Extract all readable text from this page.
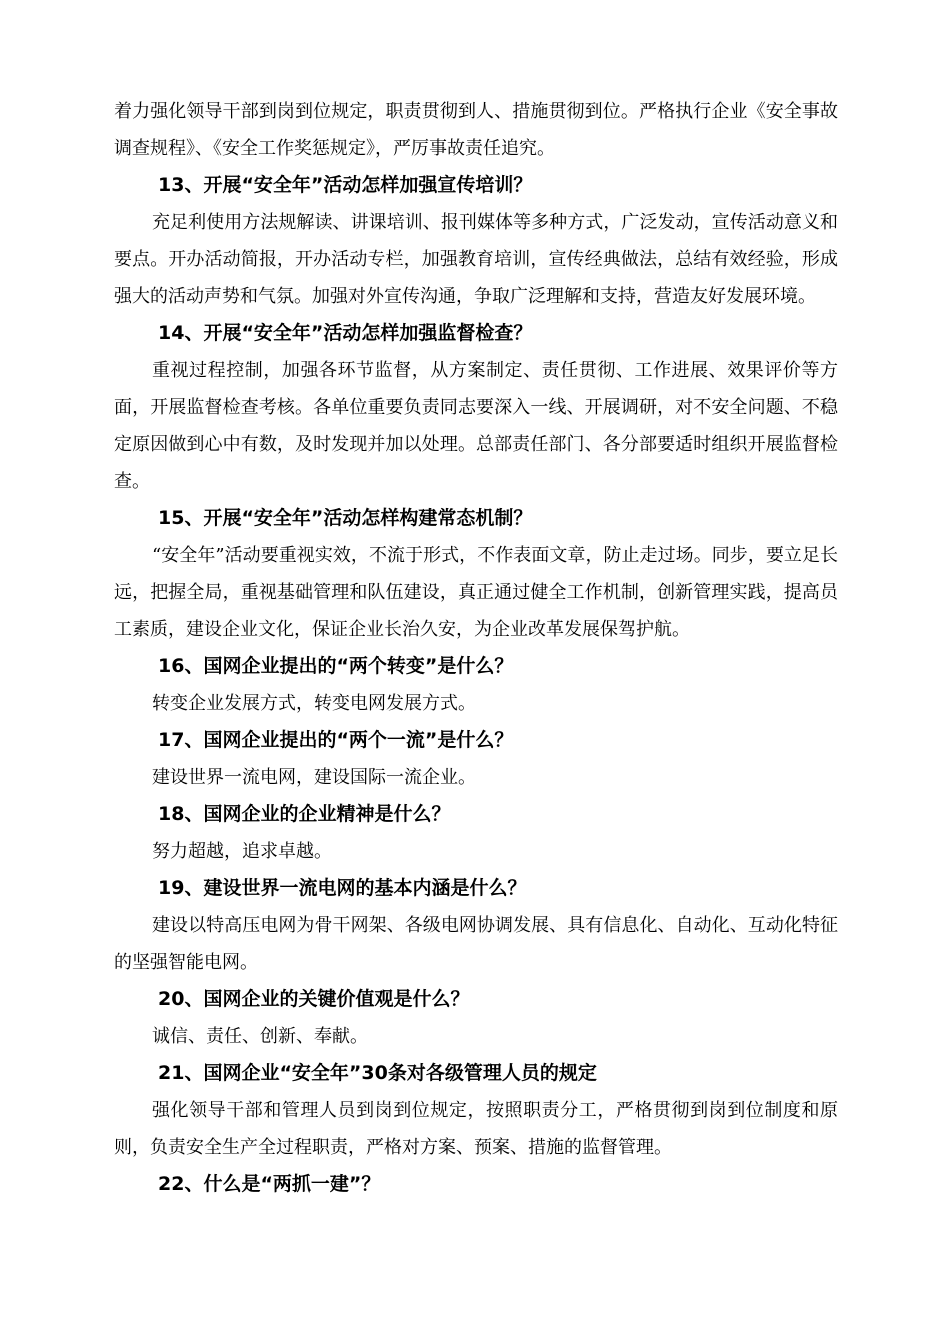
着力强化领导干部到岗到位规定，职责贯彻到人、措施贯彻到位。严格执行企业《安全事故调查规程》、《安全工作奖惩规定》，严厉事故责任追究。

13、开展“安全年”活动怎样加强宣传培训？

充足利使用方法规解读、讲课培训、报刊媒体等多种方式，广泛发动，宣传活动意义和要点。开办活动简报，开办活动专栏，加强教育培训，宣传经典做法，总结有效经验，形成强大的活动声势和气氛。加强对外宣传沟通，争取广泛理解和支持，营造友好发展环境。

14、开展“安全年”活动怎样加强监督检查？

重视过程控制，加强各环节监督，从方案制定、责任贯彻、工作进展、效果评价等方面，开展监督检查考核。各单位重要负责同志要深入一线、开展调研，对不安全问题、不稳定原因做到心中有数，及时发现并加以处理。总部责任部门、各分部要适时组织开展监督检查。

15、开展“安全年”活动怎样构建常态机制？

“安全年”活动要重视实效，不流于形式，不作表面文章，防止走过场。同步，要立足长远，把握全局，重视基础管理和队伍建设，真正通过健全工作机制，创新管理实践，提高员工素质，建设企业文化，保证企业长治久安，为企业改革发展保驾护航。

16、国网企业提出的“两个转变”是什么？

转变企业发展方式，转变电网发展方式。

17、国网企业提出的“两个一流”是什么？

建设世界一流电网，建设国际一流企业。

18、国网企业的企业精神是什么？

努力超越，追求卓越。

19、建设世界一流电网的基本内涵是什么？

建设以特高压电网为骨干网架、各级电网协调发展、具有信息化、自动化、互动化特征的坚强智能电网。

20、国网企业的关键价值观是什么？

诚信、责任、创新、奉献。

21、国网企业“安全年”30条对各级管理人员的规定

强化领导干部和管理人员到岗到位规定，按照职责分工，严格贯彻到岗到位制度和原则，负责安全生产全过程职责，严格对方案、预案、措施的监督管理。

22、什么是“两抓一建”？
